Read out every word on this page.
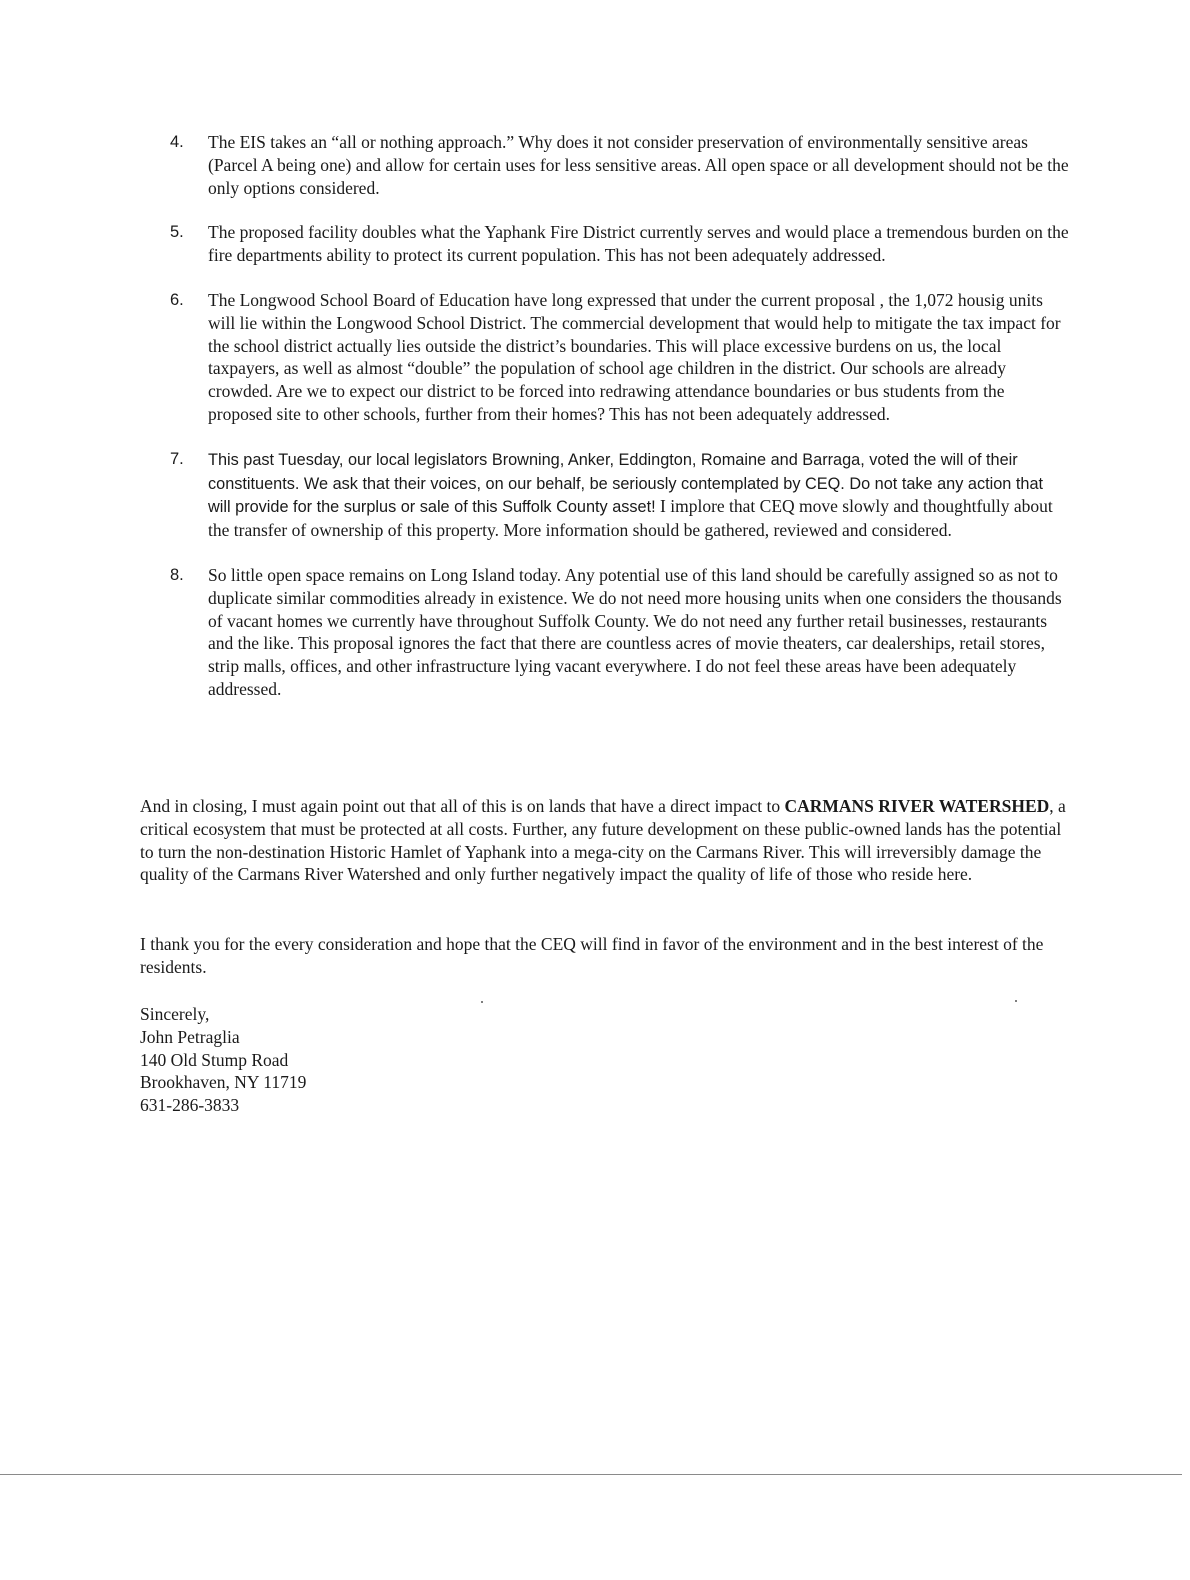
4. The EIS takes an “all or nothing approach.” Why does it not consider preservation of environmentally sensitive areas (Parcel A being one) and allow for certain uses for less sensitive areas. All open space or all development should not be the only options considered.
5. The proposed facility doubles what the Yaphank Fire District currently serves and would place a tremendous burden on the fire departments ability to protect its current population. This has not been adequately addressed.
6. The Longwood School Board of Education have long expressed that under the current proposal , the 1,072 housig units will lie within the Longwood School District. The commercial development that would help to mitigate the tax impact for the school district actually lies outside the district’s boundaries. This will place excessive burdens on us, the local taxpayers, as well as almost “double” the population of school age children in the district. Our schools are already crowded. Are we to expect our district to be forced into redrawing attendance boundaries or bus students from the proposed site to other schools, further from their homes? This has not been adequately addressed.
7. This past Tuesday, our local legislators Browning, Anker, Eddington, Romaine and Barraga, voted the will of their constituents. We ask that their voices, on our behalf, be seriously contemplated by CEQ. Do not take any action that will provide for the surplus or sale of this Suffolk County asset! I implore that CEQ move slowly and thoughtfully about the transfer of ownership of this property. More information should be gathered, reviewed and considered.
8. So little open space remains on Long Island today. Any potential use of this land should be carefully assigned so as not to duplicate similar commodities already in existence. We do not need more housing units when one considers the thousands of vacant homes we currently have throughout Suffolk County. We do not need any further retail businesses, restaurants and the like. This proposal ignores the fact that there are countless acres of movie theaters, car dealerships, retail stores, strip malls, offices, and other infrastructure lying vacant everywhere. I do not feel these areas have been adequately addressed.

And in closing, I must again point out that all of this is on lands that have a direct impact to CARMANS RIVER WATERSHED, a critical ecosystem that must be protected at all costs. Further, any future development on these public-owned lands has the potential to turn the non-destination Historic Hamlet of Yaphank into a mega-city on the Carmans River. This will irreversibly damage the quality of the Carmans River Watershed and only further negatively impact the quality of life of those who reside here.

I thank you for the every consideration and hope that the CEQ will find in favor of the environment and in the best interest of the residents.

Sincerely,
John Petraglia
140 Old Stump Road
Brookhaven, NY 11719
631-286-3833
